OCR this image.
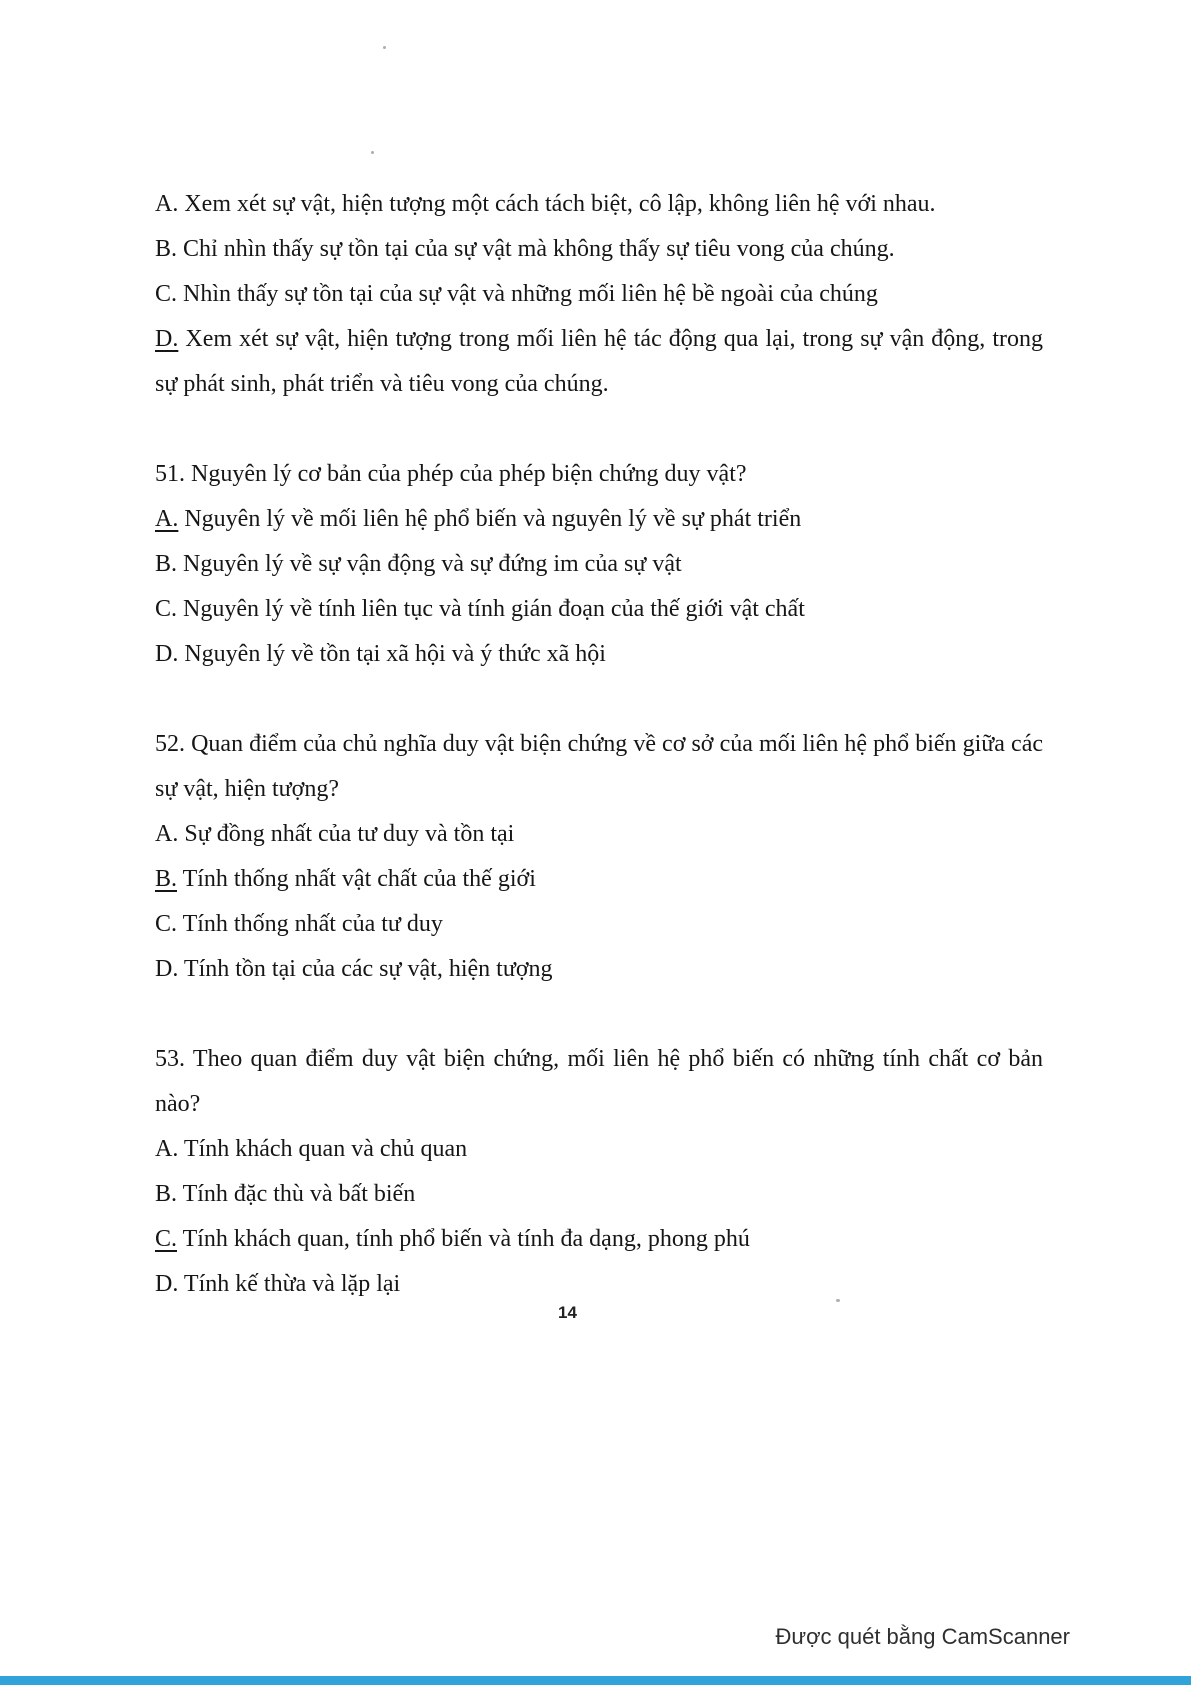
A. Xem xét sự vật, hiện tượng một cách tách biệt, cô lập, không liên hệ với nhau.

B. Chỉ nhìn thấy sự tồn tại của sự vật mà không thấy sự tiêu vong của chúng.

C. Nhìn thấy sự tồn tại của sự vật và những mối liên hệ bề ngoài của chúng

D. Xem xét sự vật, hiện tượng trong mối liên hệ tác động qua lại, trong sự vận động, trong sự phát sinh, phát triển và tiêu vong của chúng.

51. Nguyên lý cơ bản của phép của phép biện chứng duy vật?

A. Nguyên lý về mối liên hệ phổ biến và nguyên lý về sự phát triển

B. Nguyên lý về sự vận động và sự đứng im của sự vật

C. Nguyên lý về tính liên tục và tính gián đoạn của thế giới vật chất

D. Nguyên lý về tồn tại xã hội và ý thức xã hội

52. Quan điểm của chủ nghĩa duy vật biện chứng về cơ sở của mối liên hệ phổ biến giữa các sự vật, hiện tượng?

A. Sự đồng nhất của tư duy và tồn tại

B. Tính thống nhất vật chất của thế giới

C. Tính thống nhất của tư duy

D. Tính tồn tại của các sự vật, hiện tượng

53. Theo quan điểm duy vật biện chứng, mối liên hệ phổ biến có những tính chất cơ bản nào?

A. Tính khách quan và chủ quan

B. Tính đặc thù và bất biến

C. Tính khách quan, tính phổ biến và tính đa dạng, phong phú

D. Tính kế thừa và lặp lại

14
Được quét bằng CamScanner
